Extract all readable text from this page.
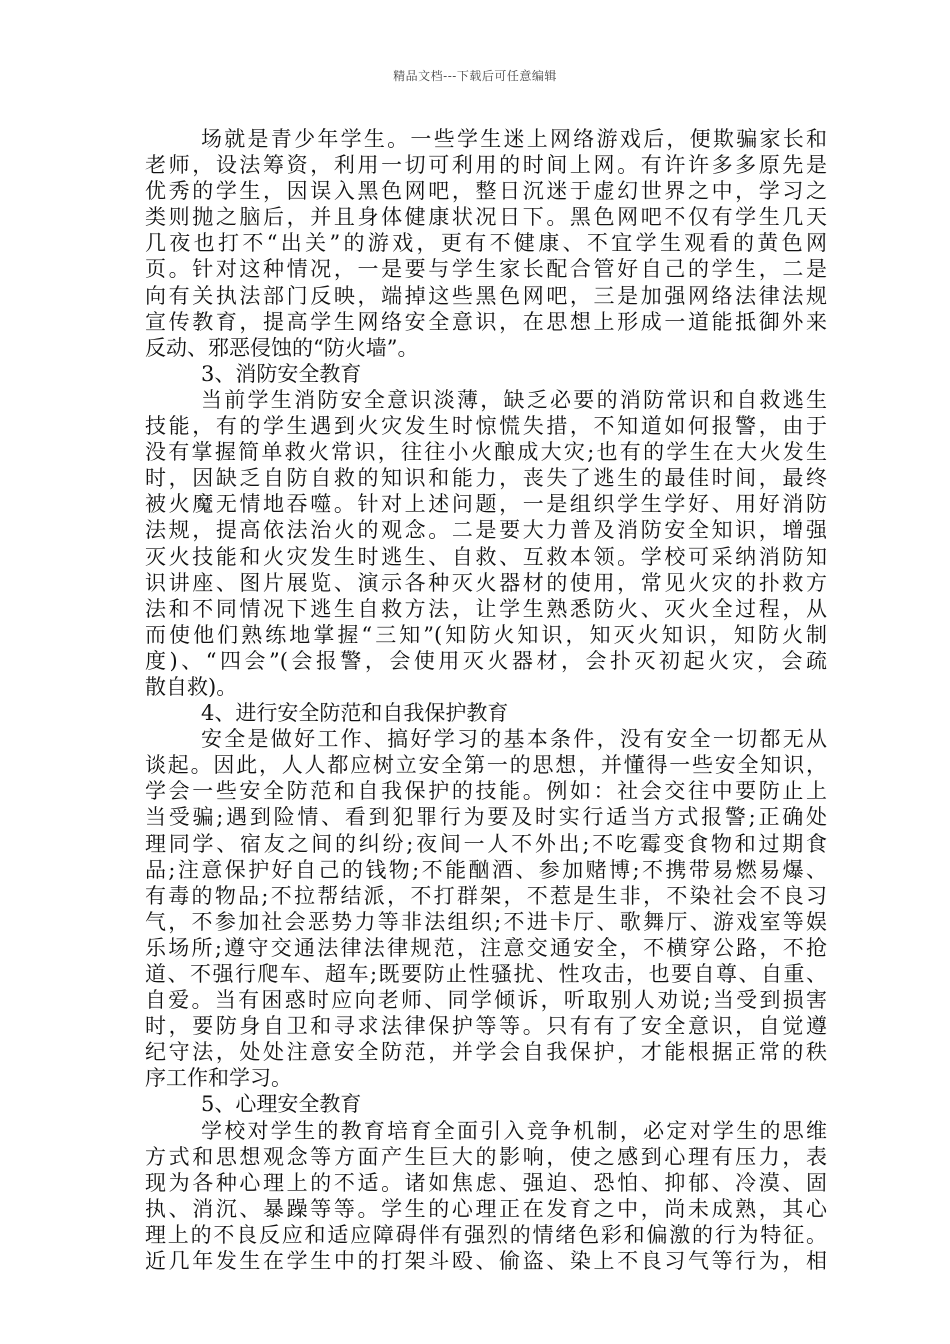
精品文档---下载后可任意编辑
场就是青少年学生。一些学生迷上网络游戏后，便欺骗家长和
老师，设法筹资，利用一切可利用的时间上网。有许许多多原先是
优秀的学生，因误入黑色网吧，整日沉迷于虚幻世界之中，学习之
类则抛之脑后，并且身体健康状况日下。黑色网吧不仅有学生几天
几夜也打不“出关”的游戏，更有不健康、不宜学生观看的黄色网
页。针对这种情况，一是要与学生家长配合管好自己的学生，二是
向有关执法部门反映，端掉这些黑色网吧，三是加强网络法律法规
宣传教育，提高学生网络安全意识，在思想上形成一道能抵御外来
反动、邪恶侵蚀的“防火墙”。
3、消防安全教育
当前学生消防安全意识淡薄，缺乏必要的消防常识和自救逃生
技能，有的学生遇到火灾发生时惊慌失措，不知道如何报警，由于
没有掌握简单救火常识，往往小火酿成大灾;也有的学生在大火发生
时，因缺乏自防自救的知识和能力，丧失了逃生的最佳时间，最终
被火魔无情地吞噬。针对上述问题，一是组织学生学好、用好消防
法规，提高依法治火的观念。二是要大力普及消防安全知识，增强
灭火技能和火灾发生时逃生、自救、互救本领。学校可采纳消防知
识讲座、图片展览、演示各种灭火器材的使用，常见火灾的扑救方
法和不同情况下逃生自救方法，让学生熟悉防火、灭火全过程，从
而使他们熟练地掌握“三知”(知防火知识，知灭火知识，知防火制
度)、“四会”(会报警，会使用灭火器材，会扑灭初起火灾，会疏
散自救)。
4、进行安全防范和自我保护教育
安全是做好工作、搞好学习的基本条件，没有安全一切都无从
谈起。因此，人人都应树立安全第一的思想，并懂得一些安全知识，
学会一些安全防范和自我保护的技能。例如：社会交往中要防止上
当受骗;遇到险情、看到犯罪行为要及时实行适当方式报警;正确处
理同学、宿友之间的纠纷;夜间一人不外出;不吃霉变食物和过期食
品;注意保护好自己的钱物;不能酗酒、参加赌博;不携带易燃易爆、
有毒的物品;不拉帮结派，不打群架，不惹是生非，不染社会不良习
气，不参加社会恶势力等非法组织;不进卡厅、歌舞厅、游戏室等娱
乐场所;遵守交通法律法律规范，注意交通安全，不横穿公路，不抢
道、不强行爬车、超车;既要防止性骚扰、性攻击，也要自尊、自重、
自爱。当有困惑时应向老师、同学倾诉，听取别人劝说;当受到损害
时，要防身自卫和寻求法律保护等等。只有有了安全意识，自觉遵
纪守法，处处注意安全防范，并学会自我保护，才能根据正常的秩
序工作和学习。
5、心理安全教育
学校对学生的教育培育全面引入竞争机制，必定对学生的思维
方式和思想观念等方面产生巨大的影响，使之感到心理有压力，表
现为各种心理上的不适。诸如焦虑、强迫、恐怕、抑郁、冷漠、固
执、消沉、暴躁等等。学生的心理正在发育之中，尚未成熟，其心
理上的不良反应和适应障碍伴有强烈的情绪色彩和偏激的行为特征。
近几年发生在学生中的打架斗殴、偷盗、染上不良习气等行为，相
